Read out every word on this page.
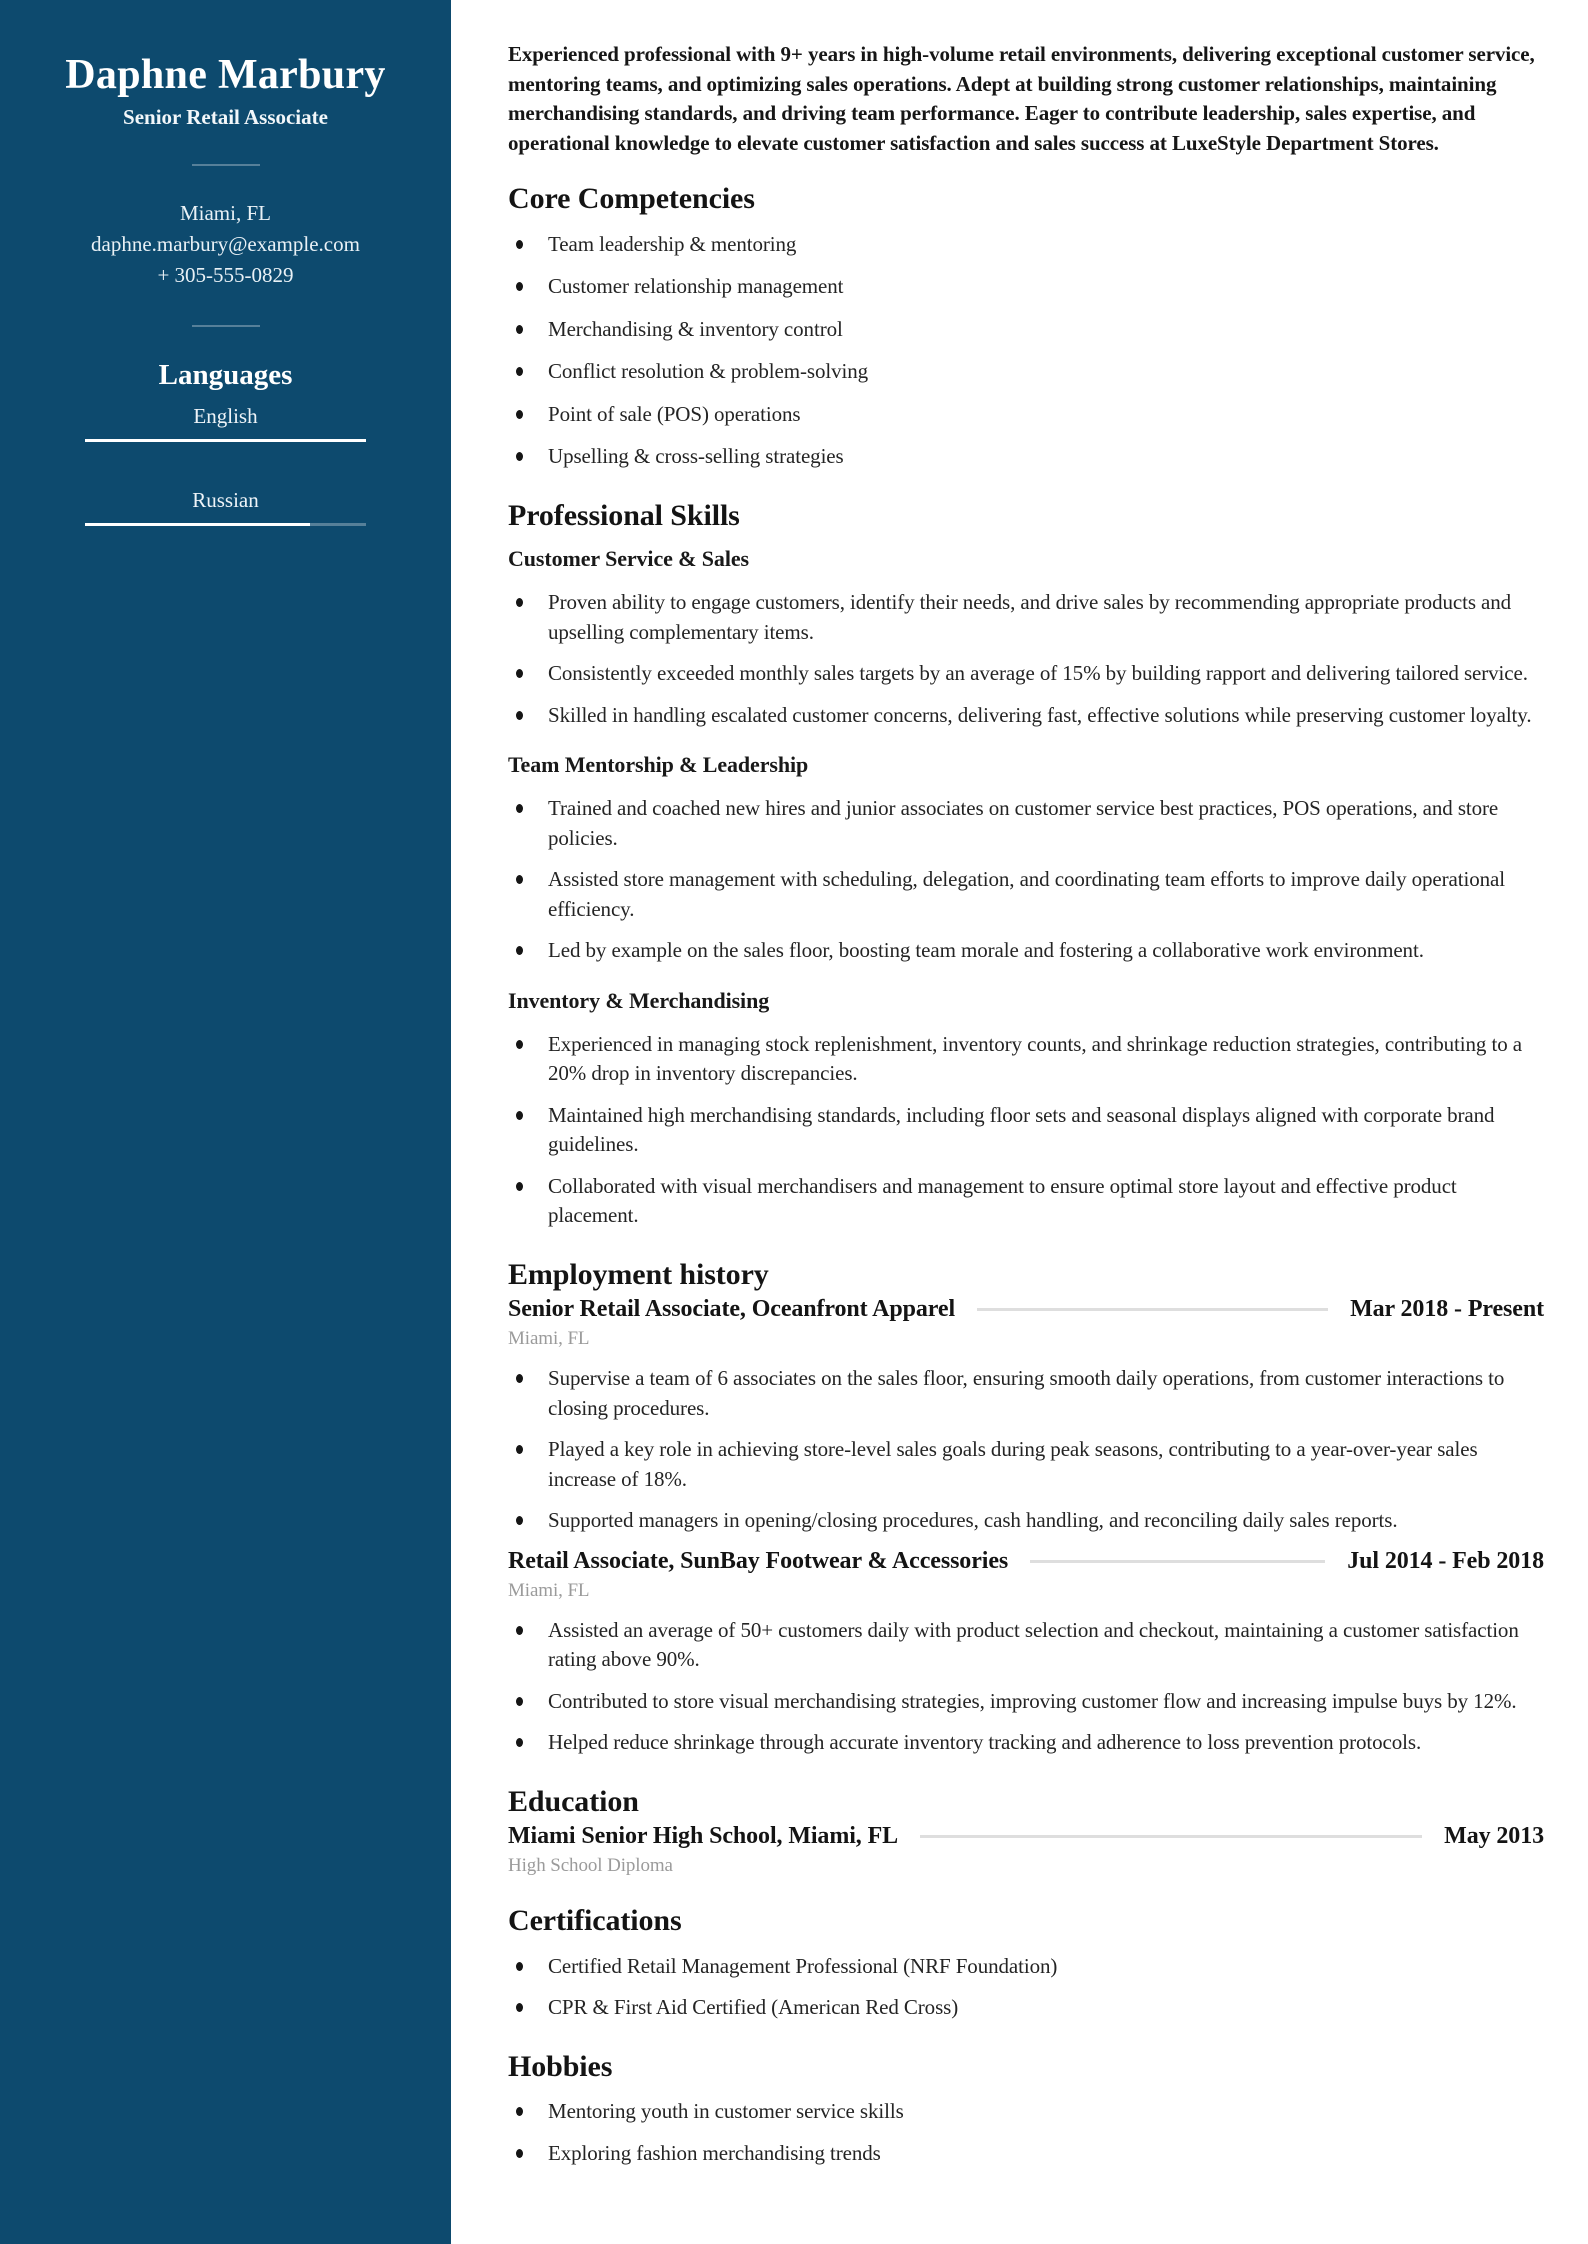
Daphne Marbury
Senior Retail Associate
Miami, FL
daphne.marbury@example.com
+ 305-555-0829
Languages
English
Russian

Experienced professional with 9+ years in high-volume retail environments, delivering exceptional customer service, mentoring teams, and optimizing sales operations. Adept at building strong customer relationships, maintaining merchandising standards, and driving team performance. Eager to contribute leadership, sales expertise, and operational knowledge to elevate customer satisfaction and sales success at LuxeStyle Department Stores.

Core Competencies
Team leadership & mentoring
Customer relationship management
Merchandising & inventory control
Conflict resolution & problem-solving
Point of sale (POS) operations
Upselling & cross-selling strategies
Professional Skills
Customer Service & Sales
Proven ability to engage customers, identify their needs, and drive sales by recommending appropriate products and upselling complementary items.
Consistently exceeded monthly sales targets by an average of 15% by building rapport and delivering tailored service.
Skilled in handling escalated customer concerns, delivering fast, effective solutions while preserving customer loyalty.
Team Mentorship & Leadership
Trained and coached new hires and junior associates on customer service best practices, POS operations, and store policies.
Assisted store management with scheduling, delegation, and coordinating team efforts to improve daily operational efficiency.
Led by example on the sales floor, boosting team morale and fostering a collaborative work environment.
Inventory & Merchandising
Experienced in managing stock replenishment, inventory counts, and shrinkage reduction strategies, contributing to a 20% drop in inventory discrepancies.
Maintained high merchandising standards, including floor sets and seasonal displays aligned with corporate brand guidelines.
Collaborated with visual merchandisers and management to ensure optimal store layout and effective product placement.
Employment history
Senior Retail Associate, Oceanfront Apparel	Mar 2018 - Present
Miami, FL
Supervise a team of 6 associates on the sales floor, ensuring smooth daily operations, from customer interactions to closing procedures.
Played a key role in achieving store-level sales goals during peak seasons, contributing to a year-over-year sales increase of 18%.
Supported managers in opening/closing procedures, cash handling, and reconciling daily sales reports.
Retail Associate, SunBay Footwear & Accessories	Jul 2014 - Feb 2018
Miami, FL
Assisted an average of 50+ customers daily with product selection and checkout, maintaining a customer satisfaction rating above 90%.
Contributed to store visual merchandising strategies, improving customer flow and increasing impulse buys by 12%.
Helped reduce shrinkage through accurate inventory tracking and adherence to loss prevention protocols.
Education
Miami Senior High School, Miami, FL	May 2013
High School Diploma
Certifications
Certified Retail Management Professional (NRF Foundation)
CPR & First Aid Certified (American Red Cross)
Hobbies
Mentoring youth in customer service skills
Exploring fashion merchandising trends
